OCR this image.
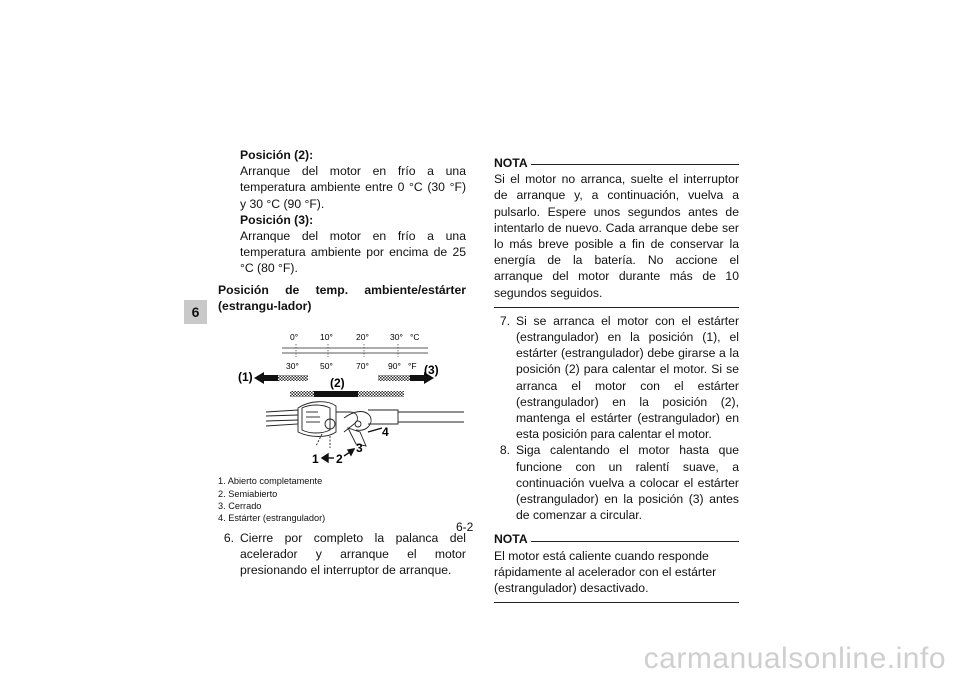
6
Posición (2):
Arranque del motor en frío a una temperatura ambiente entre 0 °C (30 °F) y 30 °C (90 °F).
Posición (3):
Arranque del motor en frío a una temperatura ambiente por encima de 25 °C (80 °F).
Posición de temp. ambiente/estárter (estrangu-lador)
0°	10°	20° 30° °C
30° 50°	70° 90° °F
(1)	(2)
(3)
1 2
3
4
1. Abierto completamente
2. Semiabierto
3. Cerrado
4. Estárter (estrangulador)
6. Cierre por completo la palanca del acelerador y arranque el motor presionando el interruptor de arranque.
NOTA
Si el motor no arranca, suelte el interruptor de arranque y, a continuación, vuelva a pulsarlo. Espere unos segundos antes de intentarlo de nuevo. Cada arranque debe ser lo más breve posible a fin de conservar la energía de la batería. No accione el arranque del motor durante más de 10 segundos seguidos.
7. Si se arranca el motor con el estárter (estrangulador) en la posición (1), el estárter (estrangulador) debe girarse a la posición (2) para calentar el motor. Si se arranca el motor con el estárter (estrangulador) en la posición (2), mantenga el estárter (estrangulador) en esta posición para calentar el motor.
8. Siga calentando el motor hasta que funcione con un ralentí suave, a continuación vuelva a colocar el estárter (estrangulador) en la posición (3) antes de comenzar a circular.
NOTA
El motor está caliente cuando responde rápidamente al acelerador con el estárter (estrangulador) desactivado.
6-2
carmanualsonline.info
